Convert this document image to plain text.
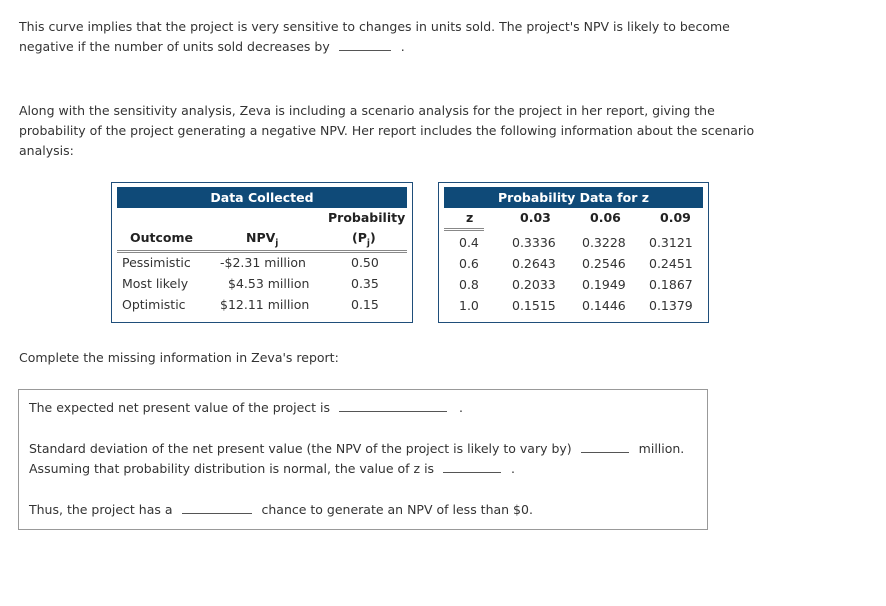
This curve implies that the project is very sensitive to changes in units sold. The project's NPV is likely to become
negative if the number of units sold decreases by	.
Along with the sensitivity analysis, Zeva is including a scenario analysis for the project in her report, giving the
probability of the project generating a negative NPV. Her report includes the following information about the scenario
analysis:
Data Collected
Probability
Outcome	$NPV_j$	$(P_j)$
Pessimistic -$2.31 million	0.50
Most likely	$4.53 million	0.35
Optimistic	$12.11 million	0.15
Probability Data for z
z	0.03	0.06	0.09
0.4	0.3336 0.3228 0.3121
0.6	0.2643 0.2546 0.2451
0.8	0.2033 0.1949 0.1867
1.0	0.1515 0.1446 0.1379
Complete the missing information in Zeva's report:
The expected net present value of the project is	.
Standard deviation of the net present value (the NPV of the project is likely to vary by)	million.
Assuming that probability distribution is normal, the value of z is	.
Thus, the project has a	chance to generate an NPV of less than $0.
